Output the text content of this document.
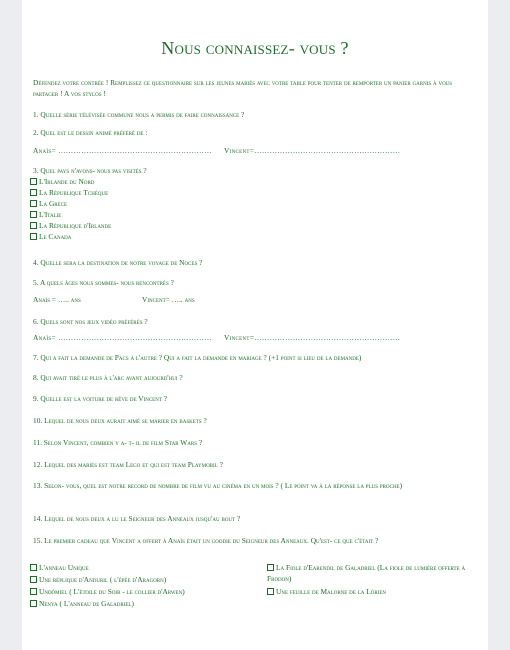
Nous connaissez- vous ?
Défendez votre contrée ! Remplissez ce questionnaire sur les jeunes mariés avec votre table pour tenter de remporter un panier garnis à vous partager ! A vos stylos !
1. Quelle série télévisée commune nous a permis de faire connaissance ?
2. Quel est le dessin animé préféré de :
Anaïs= …………………………………………………… Vincent=…………………………………………………
3. Quel pays n'avons- nous pas visités ?
L'Irlande du Nord
La République Tchèque
La Grèce
L'Italie
La République d'Irlande
Le Canada
4. Quelle sera la destination de notre voyage de Noces ?
5. A quels âges nous sommes- nous rencontrés ?
Anaïs = ….. ans	Vincent= ….. ans
6. Quels sont nos jeux vidéo préférés ?
Anaïs= …………………………………………………… Vincent=…………………………………………………
7. Qui a fait la demande de Pacs à l'autre ? Qui a fait la demande en mariage ? (+1 point si lieu de la demande)
8. Qui avait tiré le plus à l'arc avant aujourd'hui ?
9. Quelle est la voiture de rêve de Vincent ?
10. Lequel de nous deux aurait aimé se marier en baskets ?
11. Selon Vincent, combien y a- t- il de film Star Wars ?
12. Lequel des mariés est team Lego et qui est team Playmobil ?
13. Selon- vous, quel est notre record de nombre de film vu au cinéma en un mois ? ( Le point va à la réponse la plus proche)
14. Lequel de nous deux a lu le Seigneur des Anneaux jusqu'au bout ?
15. Le premier cadeau que Vincent a offert à Anaïs était un goodie du Seigneur des Anneaux. Qu'est- ce que c'était ?
L'anneau Unique
Une réplique d'Anduril ( l'épée d'Aragorn)
Undómiel ( L'étoile du Soir - le collier d'Arwen)
Nenya ( L'anneau de Galadriel)
La Fiole d'Earendil de Galadriel (La fiole de lumière offerte à Frodon)
Une feuille de Malorne de la Lórien
